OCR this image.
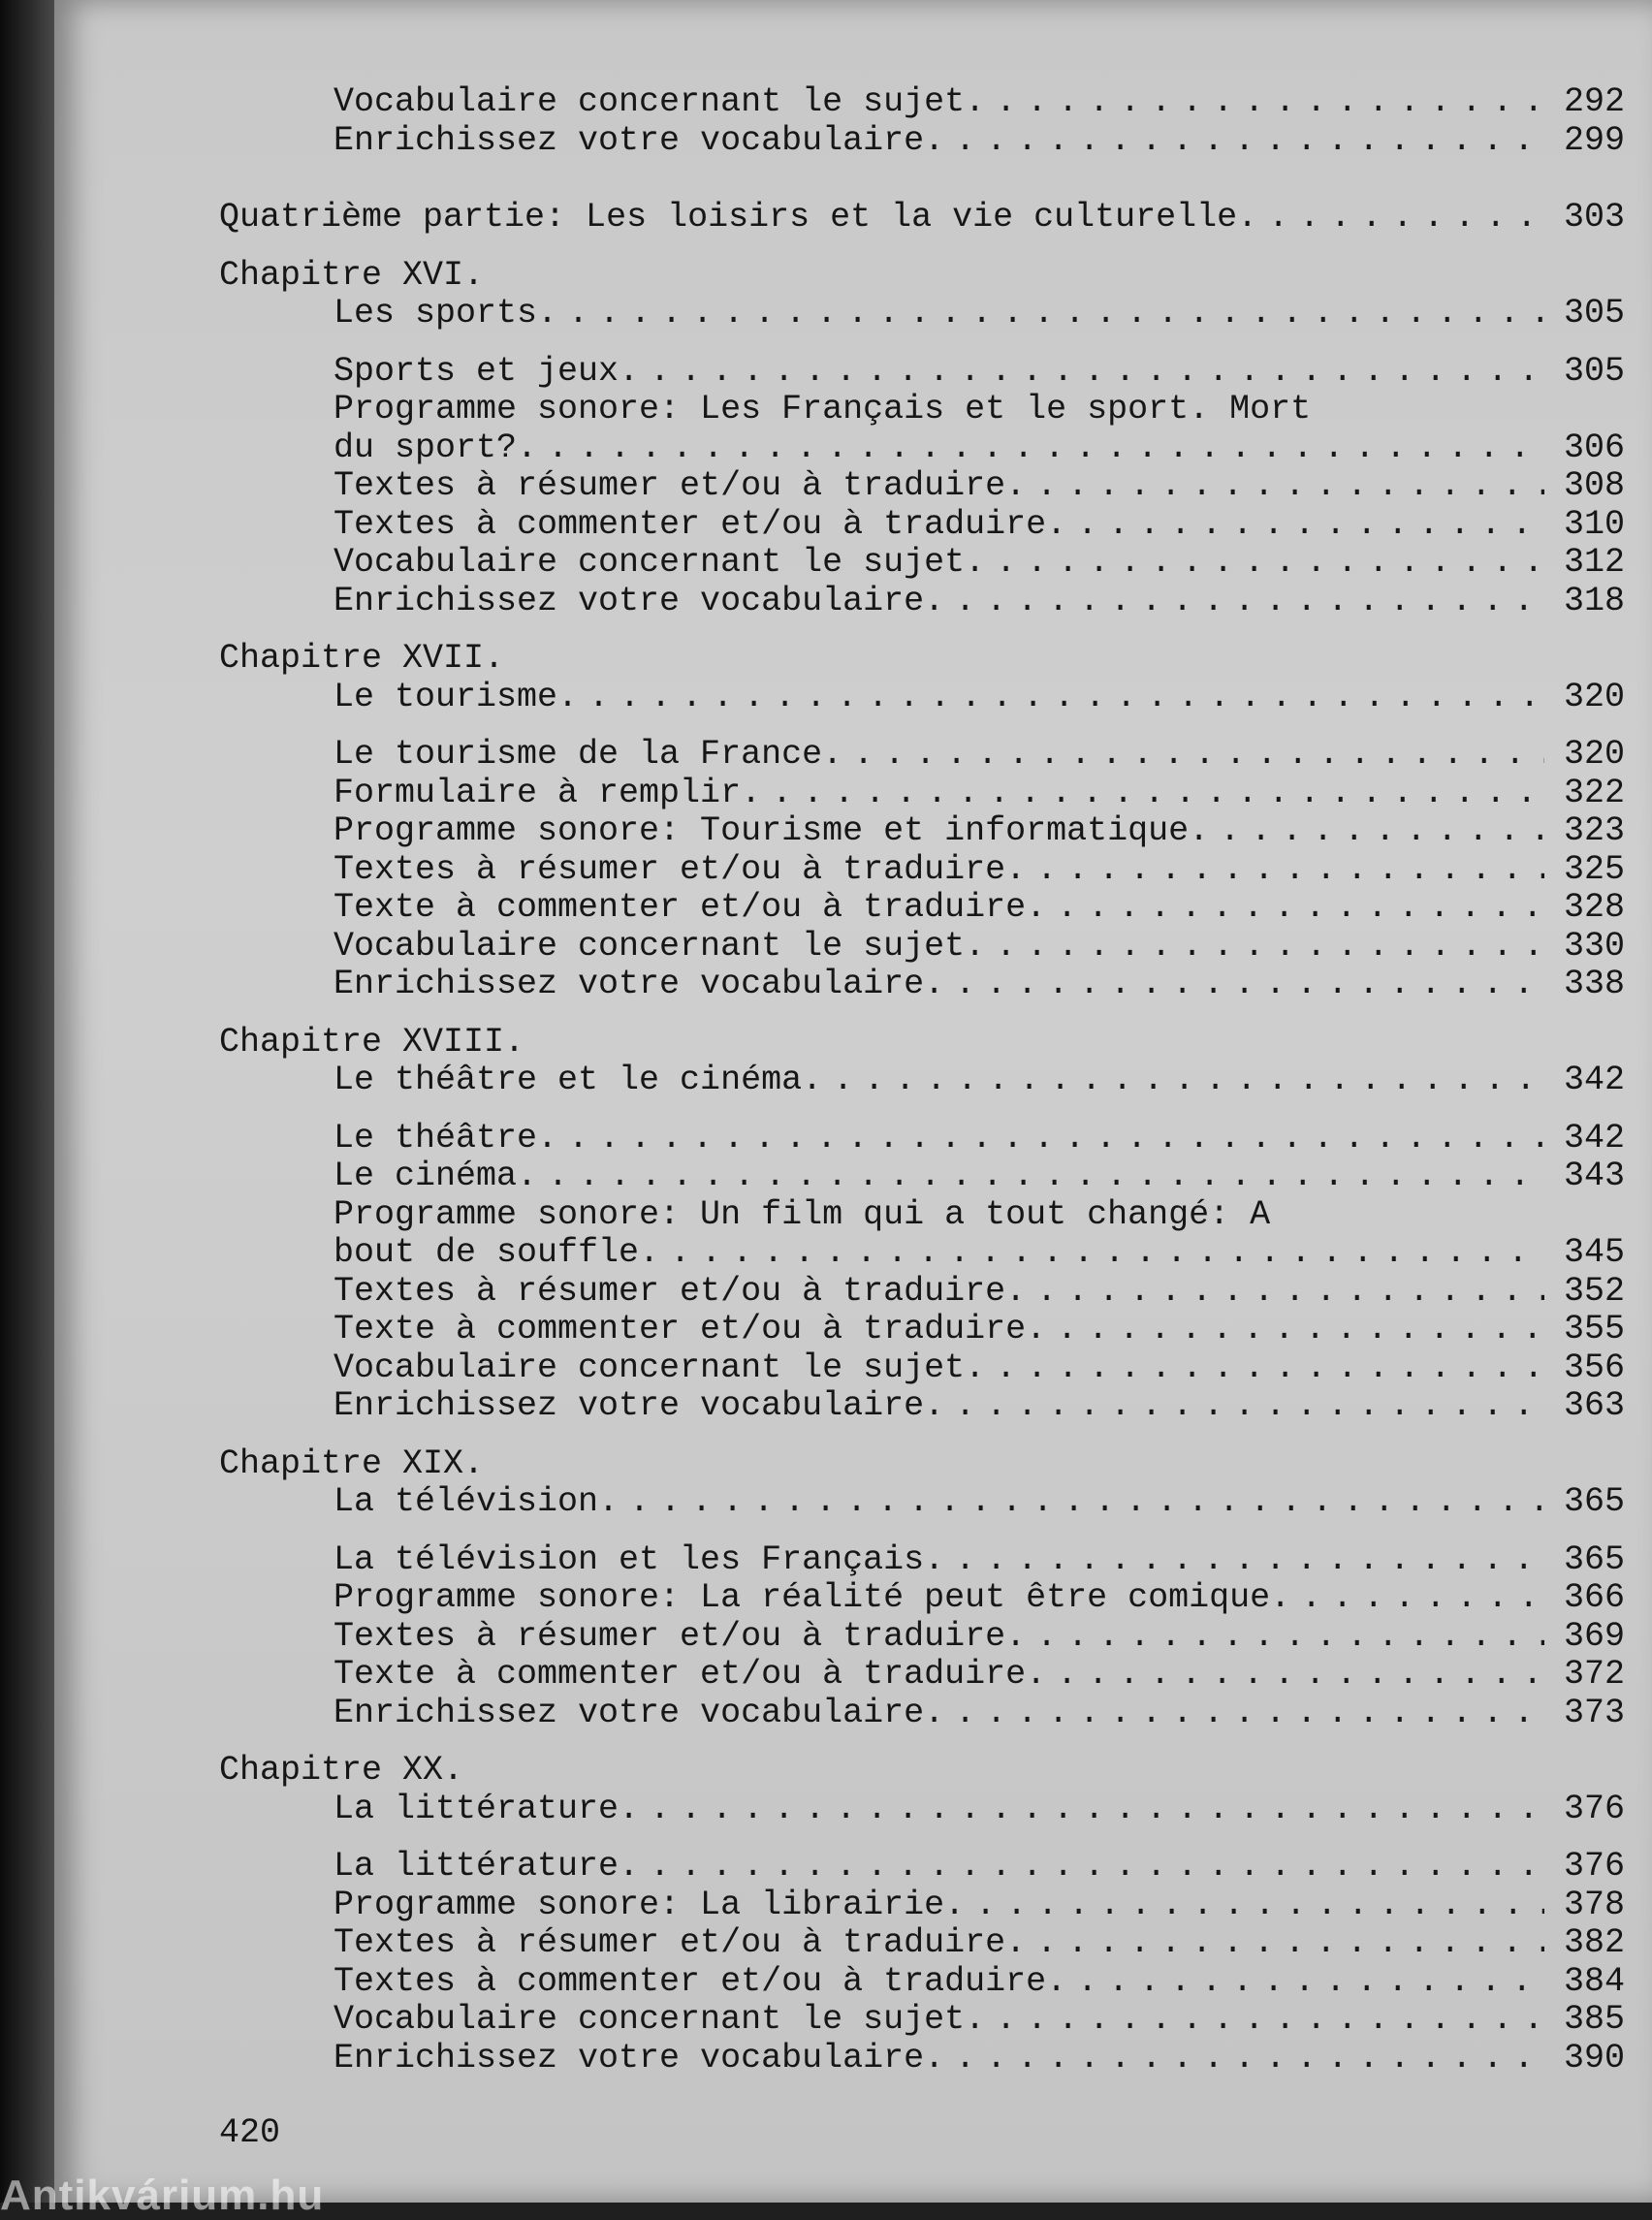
Vocabulaire concernant le sujet . . .	292
Enrichissez votre vocabulaire . . .	299
Quatrième partie: Les loisirs et la vie culturelle . . .	303
Chapitre XVI.
Les sports . . .	305
Sports et jeux . . .	305
Programme sonore: Les Français et le sport. Mort
du sport? . . .	306
Textes à résumer et/ou à traduire . . .	308
Textes à commenter et/ou à traduire . . .	310
Vocabulaire concernant le sujet . . .	312
Enrichissez votre vocabulaire . . .	318
Chapitre XVII.
Le tourisme . . .	320
Le tourisme de la France . . .	320
Formulaire à remplir . . .	322
Programme sonore: Tourisme et informatique . . .	323
Textes à résumer et/ou à traduire . . .	325
Texte à commenter et/ou à traduire . . .	328
Vocabulaire concernant le sujet . . .	330
Enrichissez votre vocabulaire . . .	338
Chapitre XVIII.
Le théâtre et le cinéma . . .	342
Le théâtre . . .	342
Le cinéma . . .	343
Programme sonore: Un film qui a tout changé: A
bout de souffle . . .	345
Textes à résumer et/ou à traduire . . .	352
Texte à commenter et/ou à traduire . . .	355
Vocabulaire concernant le sujet . . .	356
Enrichissez votre vocabulaire . . .	363
Chapitre XIX.
La télévision . . .	365
La télévision et les Français . . .	365
Programme sonore: La réalité peut être comique . . .	366
Textes à résumer et/ou à traduire . . .	369
Texte à commenter et/ou à traduire . . .	372
Enrichissez votre vocabulaire . . .	373
Chapitre XX.
La littérature . . .	376
La littérature . . .	376
Programme sonore: La librairie . . .	378
Textes à résumer et/ou à traduire . . .	382
Textes à commenter et/ou à traduire . . .	384
Vocabulaire concernant le sujet . . .	385
Enrichissez votre vocabulaire . . .	390
420
Antikvárium.hu
